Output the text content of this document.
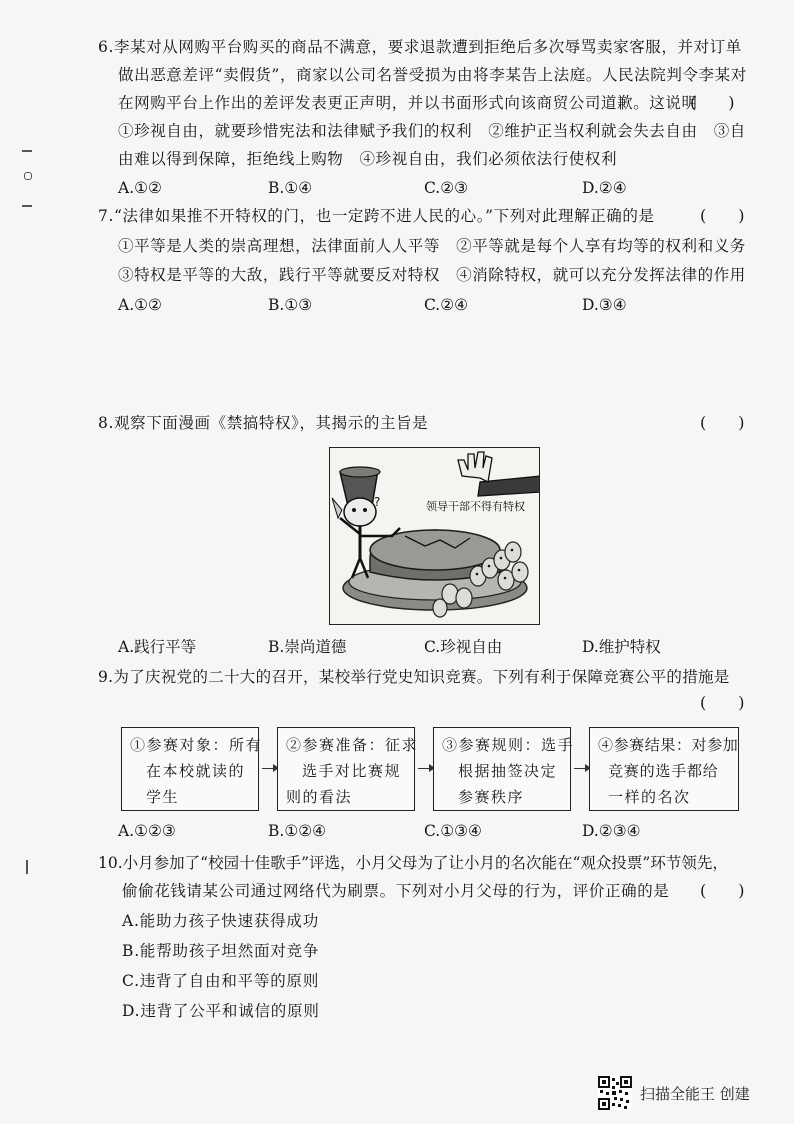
6.李某对从网购平台购买的商品不满意，要求退款遭到拒绝后多次辱骂卖家客服，并对订单
做出恶意差评“卖假货”，商家以公司名誉受损为由将李某告上法庭。人民法院判令李某对
在网购平台上作出的差评发表更正声明，并以书面形式向该商贸公司道歉。这说明
(　　)
①珍视自由，就要珍惜宪法和法律赋予我们的权利　②维护正当权利就会失去自由　③自
由难以得到保障，拒绝线上购物　④珍视自由，我们必须依法行使权利
A.①②	B.①④	C.②③	D.②④
7.“法律如果推不开特权的门，也一定跨不进人民的心。”下列对此理解正确的是	(　　)
①平等是人类的崇高理想，法律面前人人平等　②平等就是每个人享有均等的权利和义务
③特权是平等的大敌，践行平等就要反对特权　④消除特权，就可以充分发挥法律的作用
A.①②	B.①③	C.②④	D.③④
8.观察下面漫画《禁搞特权》，其揭示的主旨是	(　　)
?	领导干部不得有特权
A.践行平等	B.崇尚道德	C.珍视自由	D.维护特权
9.为了庆祝党的二十大的召开，某校举行党史知识竞赛。下列有利于保障竞赛公平的措施是
(　　)
①参赛对象：所有
在本校就读的
学生
②参赛准备：征求
选手对比赛规
则的看法
③参赛规则：选手
根据抽签决定
参赛秩序
④参赛结果：对参加
竞赛的选手都给
一样的名次
A.①②③	B.①②④	C.①③④	D.②③④
10.小月参加了“校园十佳歌手”评选，小月父母为了让小月的名次能在“观众投票”环节领先，
偷偷花钱请某公司通过网络代为刷票。下列对小月父母的行为，评价正确的是 (　　)
A.能助力孩子快速获得成功
B.能帮助孩子坦然面对竞争
C.违背了自由和平等的原则
D.违背了公平和诚信的原则
扫描全能王 创建
